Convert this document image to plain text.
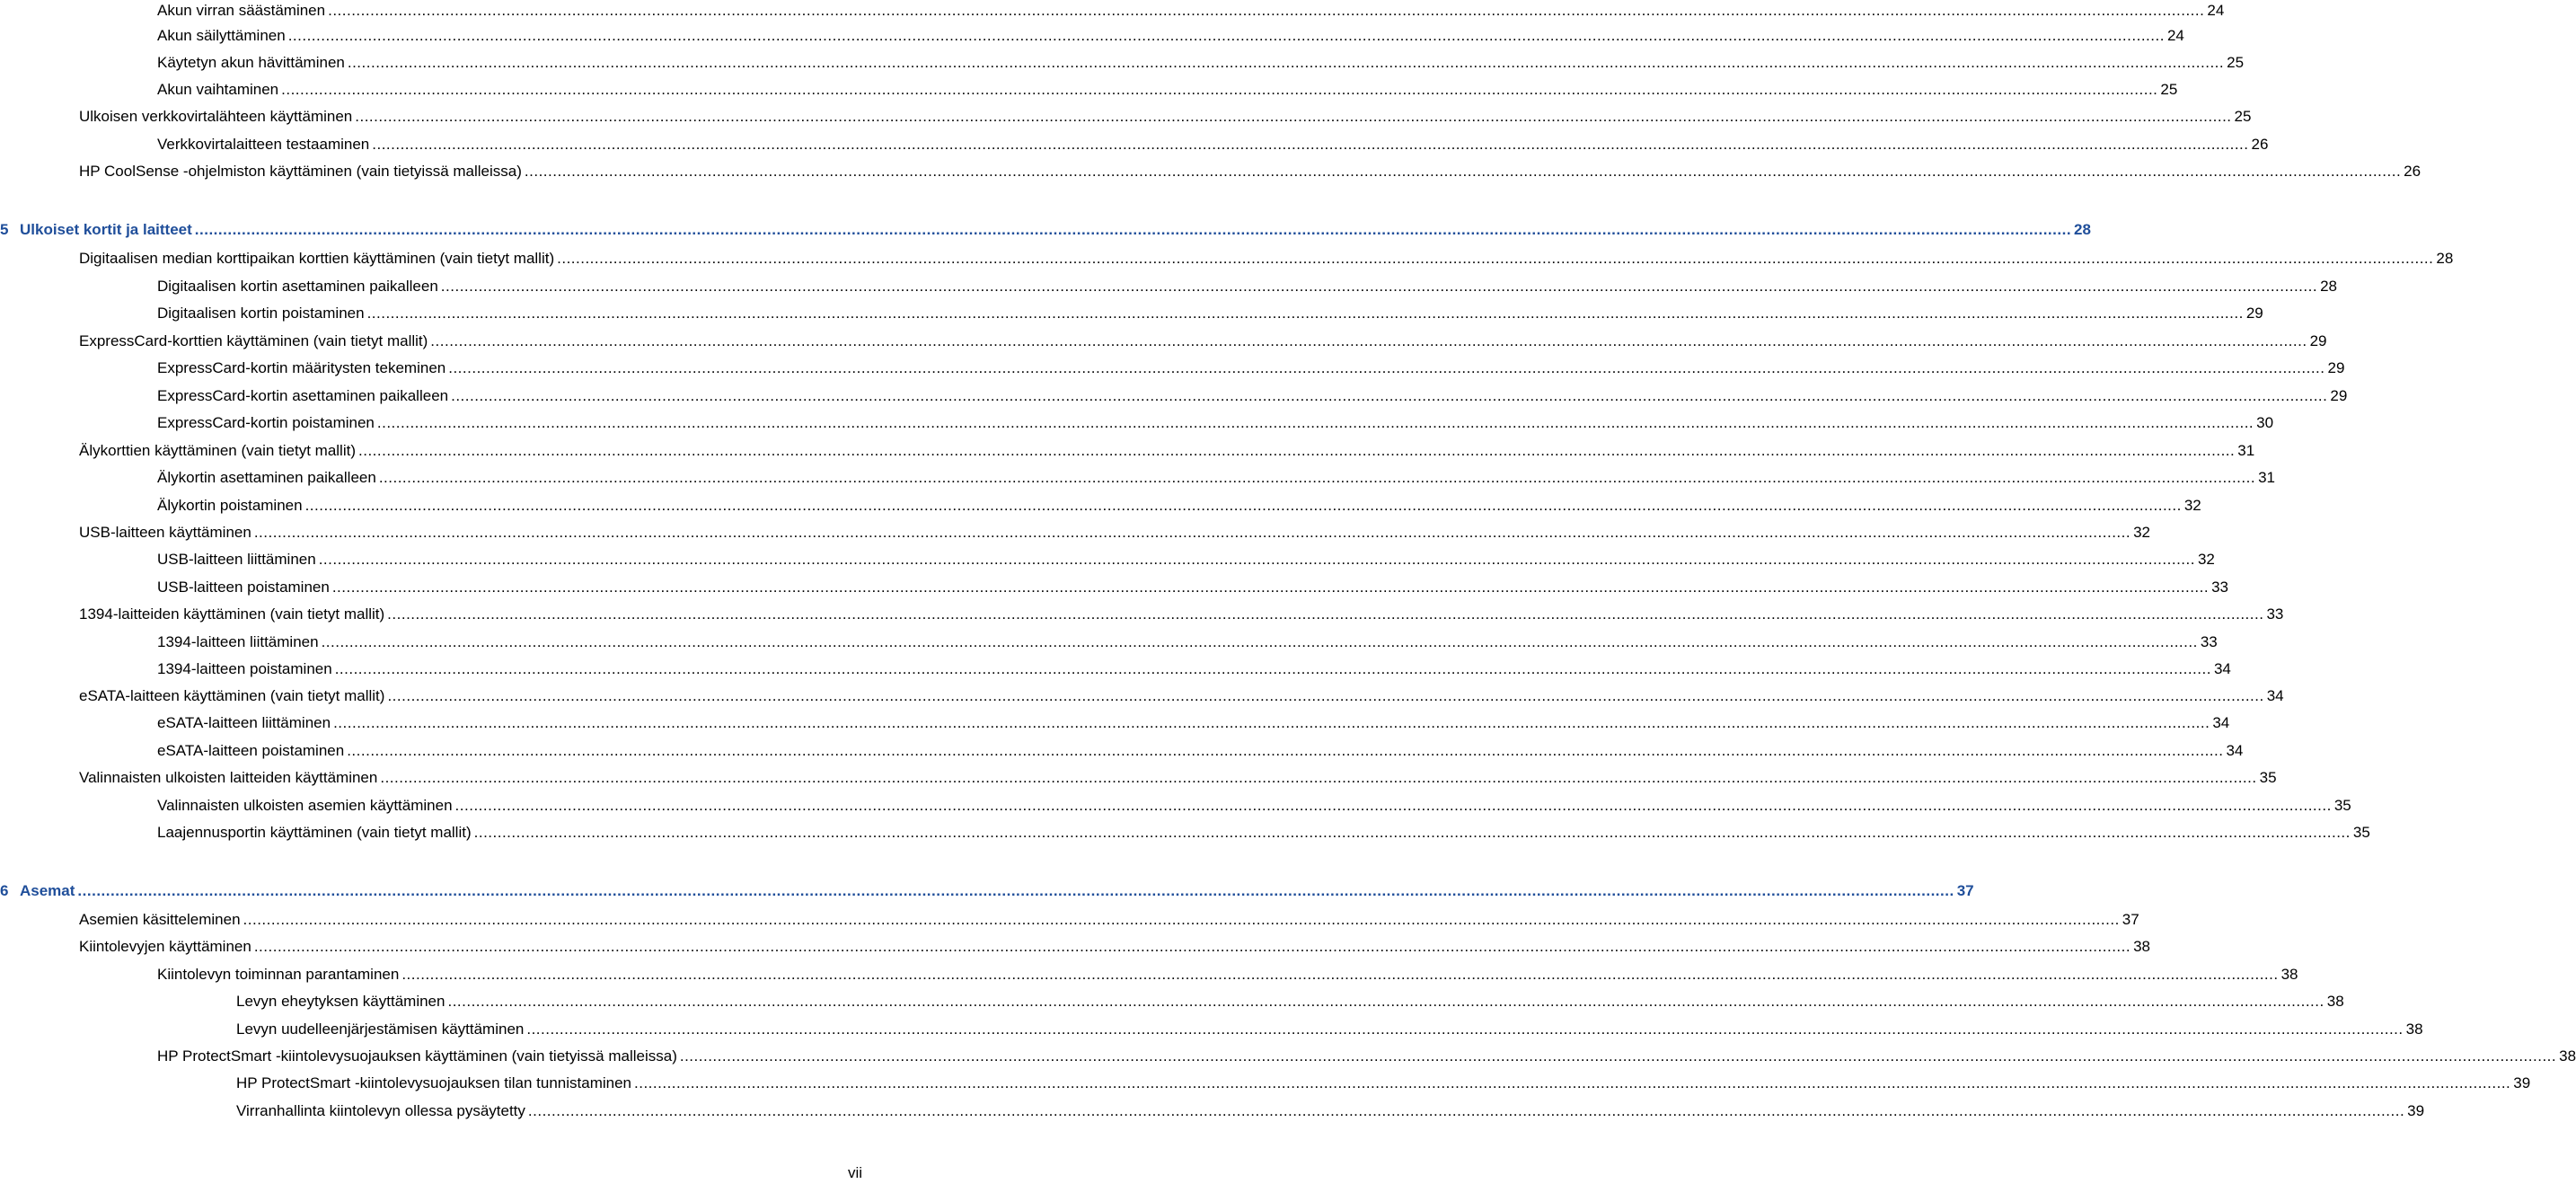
Akun virran säästäminen ................................................................................................................................................................................................................................................................................................................................................................................................................ 24
Akun säilyttäminen ................................................................................................................................................................................................................................................................................................................................................................................................................ 24
Käytetyn akun hävittäminen ................................................................................................................................................................................................................................................................................................................................................................................................................ 25
Akun vaihtaminen ................................................................................................................................................................................................................................................................................................................................................................................................................ 25
Ulkoisen verkkovirtalähteen käyttäminen ................................................................................................................................................................................................................................................................................................................................................................................................................ 25
Verkkovirtalaitteen testaaminen ................................................................................................................................................................................................................................................................................................................................................................................................................ 26
HP CoolSense -ohjelmiston käyttäminen (vain tietyissä malleissa) ................................................................................................................................................................................................................................................................................................................................................................................................................ 26
5 Ulkoiset kortit ja laitteet ................................................................................................................................................................................................................................................................................................................................................................................................................ 28
Digitaalisen median korttipaikan korttien käyttäminen (vain tietyt mallit) ................................................................................................................................................................................................................................................................................................................................................................................................................ 28
Digitaalisen kortin asettaminen paikalleen ................................................................................................................................................................................................................................................................................................................................................................................................................ 28
Digitaalisen kortin poistaminen ................................................................................................................................................................................................................................................................................................................................................................................................................ 29
ExpressCard-korttien käyttäminen (vain tietyt mallit) ................................................................................................................................................................................................................................................................................................................................................................................................................ 29
ExpressCard-kortin määritysten tekeminen ................................................................................................................................................................................................................................................................................................................................................................................................................ 29
ExpressCard-kortin asettaminen paikalleen ................................................................................................................................................................................................................................................................................................................................................................................................................ 29
ExpressCard-kortin poistaminen ................................................................................................................................................................................................................................................................................................................................................................................................................ 30
Älykorttien käyttäminen (vain tietyt mallit) ................................................................................................................................................................................................................................................................................................................................................................................................................ 31
Älykortin asettaminen paikalleen ................................................................................................................................................................................................................................................................................................................................................................................................................ 31
Älykortin poistaminen ................................................................................................................................................................................................................................................................................................................................................................................................................ 32
USB-laitteen käyttäminen ................................................................................................................................................................................................................................................................................................................................................................................................................ 32
USB-laitteen liittäminen ................................................................................................................................................................................................................................................................................................................................................................................................................ 32
USB-laitteen poistaminen ................................................................................................................................................................................................................................................................................................................................................................................................................ 33
1394-laitteiden käyttäminen (vain tietyt mallit) ................................................................................................................................................................................................................................................................................................................................................................................................................ 33
1394-laitteen liittäminen ................................................................................................................................................................................................................................................................................................................................................................................................................ 33
1394-laitteen poistaminen ................................................................................................................................................................................................................................................................................................................................................................................................................ 34
eSATA-laitteen käyttäminen (vain tietyt mallit) ................................................................................................................................................................................................................................................................................................................................................................................................................ 34
eSATA-laitteen liittäminen ................................................................................................................................................................................................................................................................................................................................................................................................................ 34
eSATA-laitteen poistaminen ................................................................................................................................................................................................................................................................................................................................................................................................................ 34
Valinnaisten ulkoisten laitteiden käyttäminen ................................................................................................................................................................................................................................................................................................................................................................................................................ 35
Valinnaisten ulkoisten asemien käyttäminen ................................................................................................................................................................................................................................................................................................................................................................................................................ 35
Laajennusportin käyttäminen (vain tietyt mallit) ................................................................................................................................................................................................................................................................................................................................................................................................................ 35
6 Asemat ................................................................................................................................................................................................................................................................................................................................................................................................................ 37
Asemien käsitteleminen ................................................................................................................................................................................................................................................................................................................................................................................................................ 37
Kiintolevyjen käyttäminen ................................................................................................................................................................................................................................................................................................................................................................................................................ 38
Kiintolevyn toiminnan parantaminen ................................................................................................................................................................................................................................................................................................................................................................................................................ 38
Levyn eheytyksen käyttäminen ................................................................................................................................................................................................................................................................................................................................................................................................................ 38
Levyn uudelleenjärjestämisen käyttäminen ................................................................................................................................................................................................................................................................................................................................................................................................................ 38
HP ProtectSmart -kiintolevysuojauksen käyttäminen (vain tietyissä malleissa) ................................................................................................................................................................................................................................................................................................................................................................................................................ 38
HP ProtectSmart -kiintolevysuojauksen tilan tunnistaminen ................................................................................................................................................................................................................................................................................................................................................................................................................ 39
Virranhallinta kiintolevyn ollessa pysäytetty ................................................................................................................................................................................................................................................................................................................................................................................................................ 39
vii
